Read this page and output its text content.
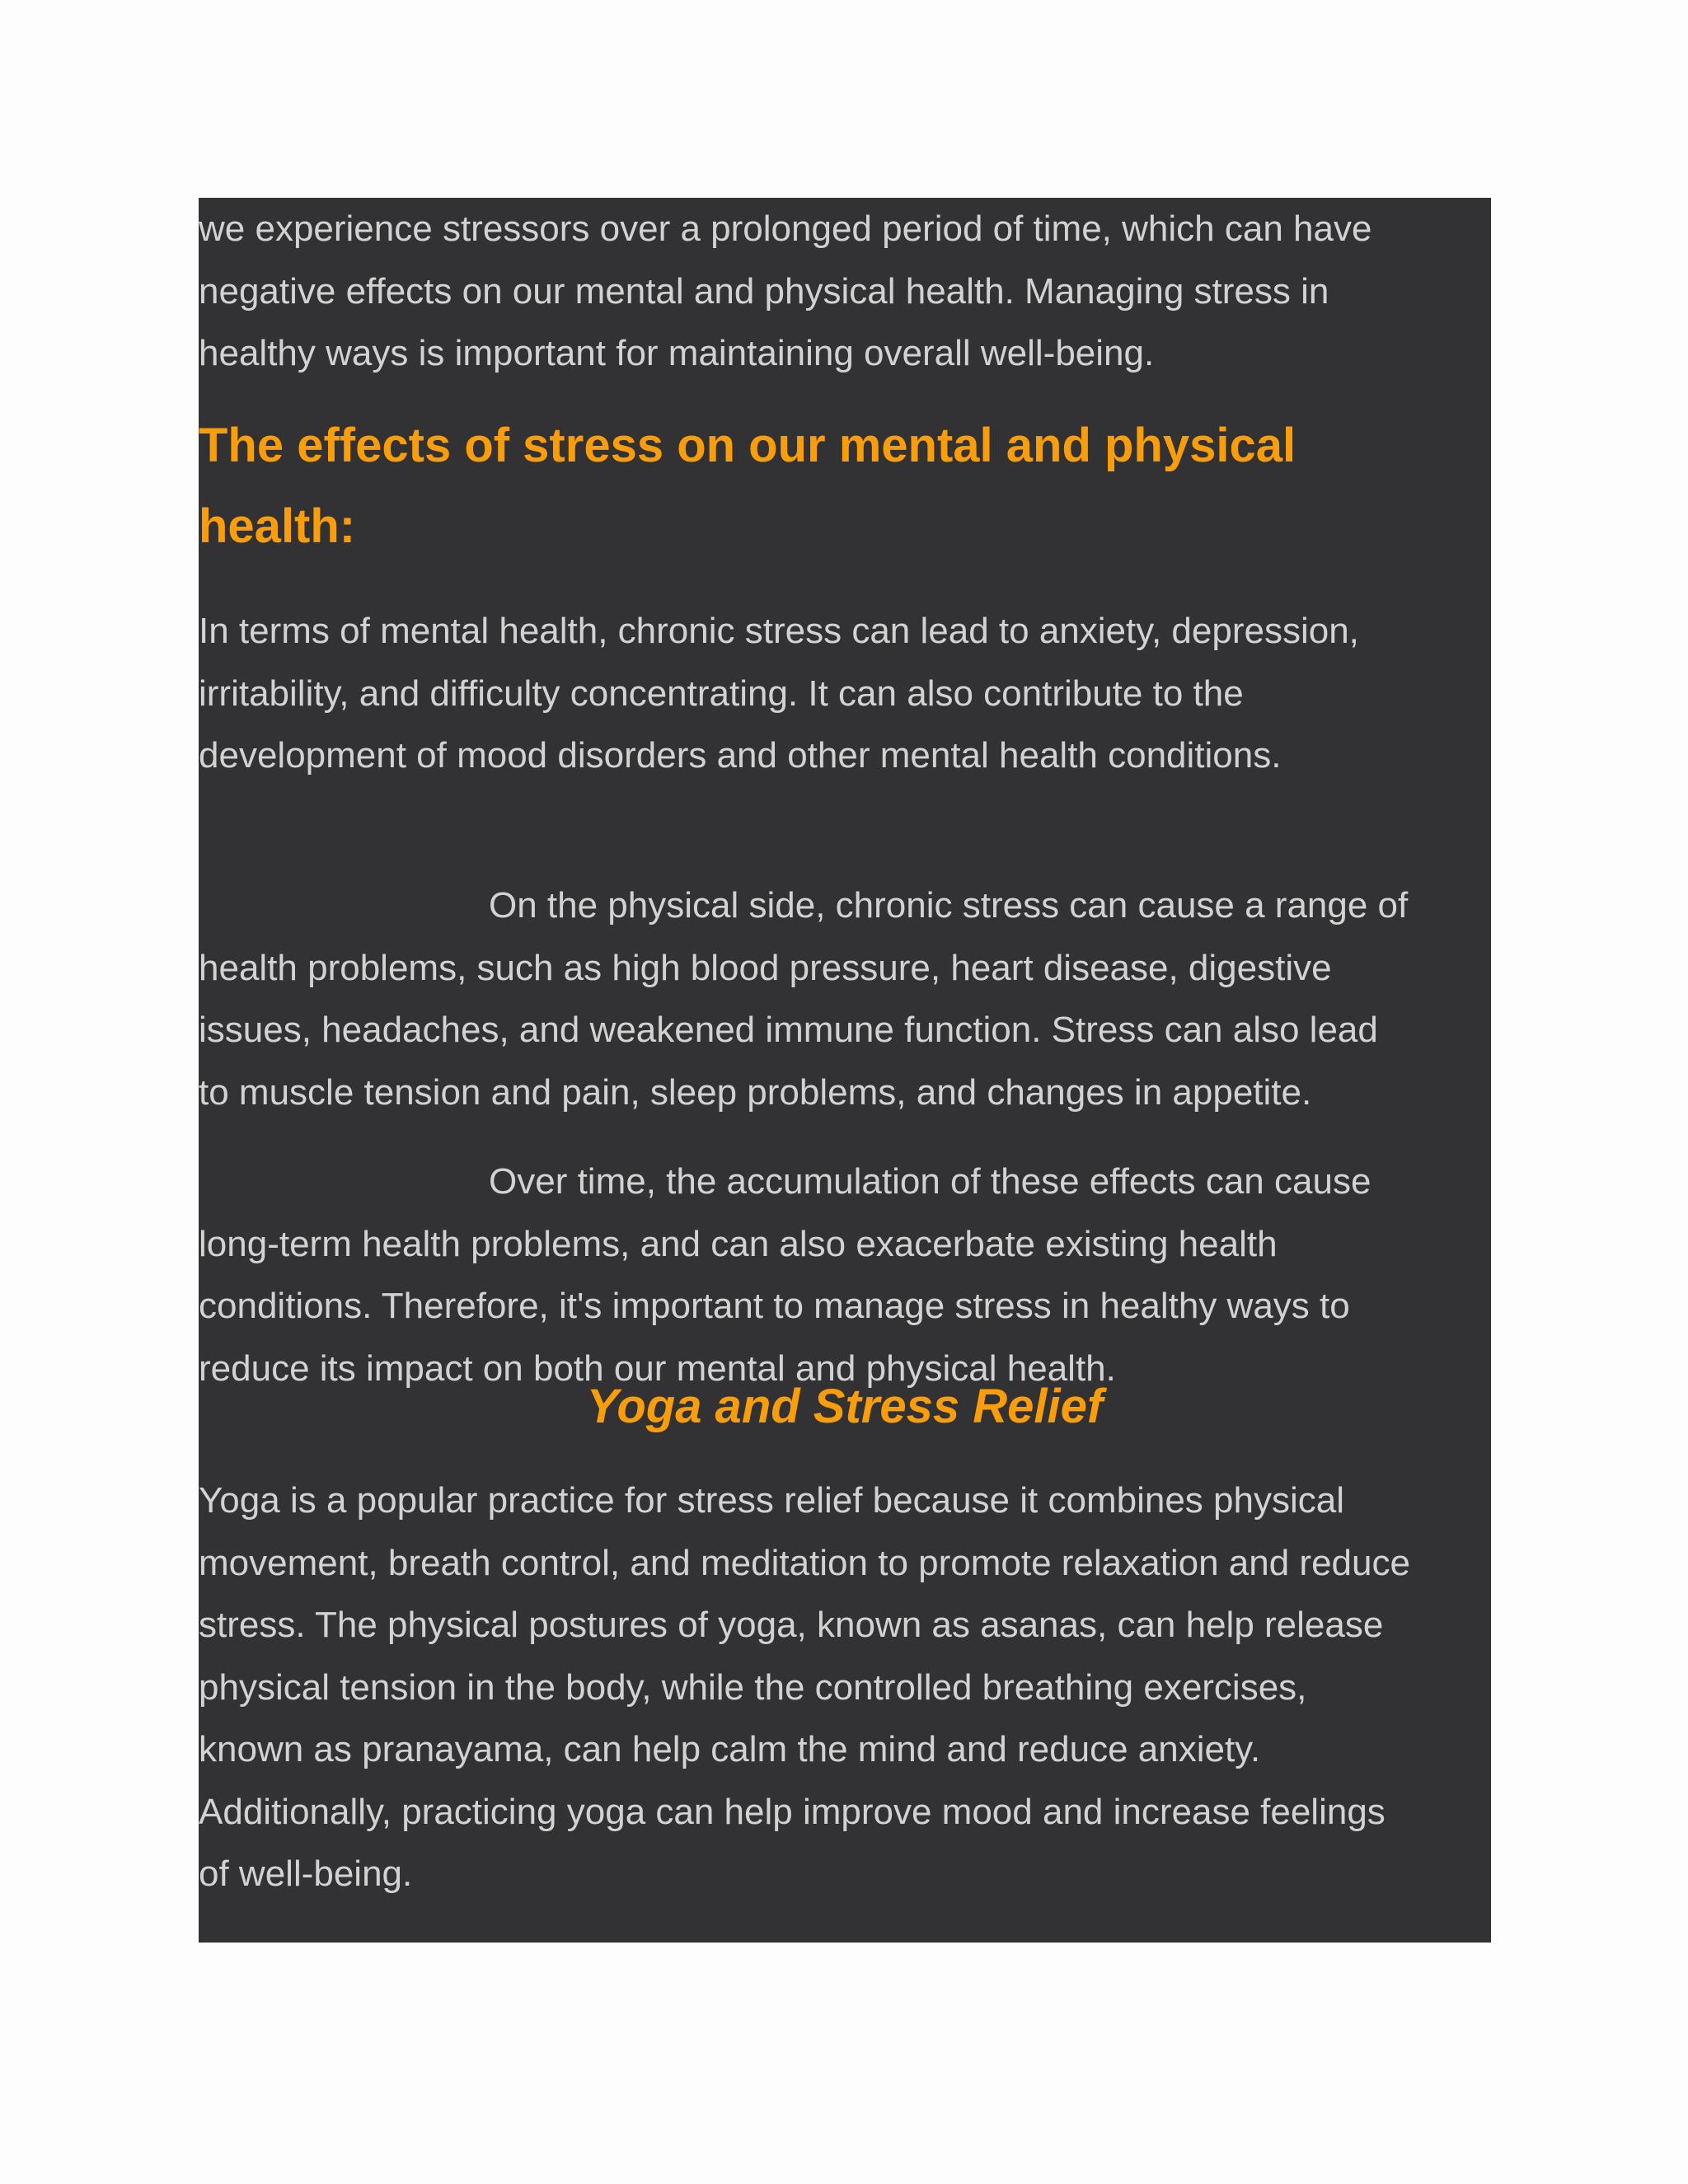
we experience stressors over a prolonged period of time, which can have
negative effects on our mental and physical health. Managing stress in
healthy ways is important for maintaining overall well-being.

The effects of stress on our mental and physical
health:

In terms of mental health, chronic stress can lead to anxiety, depression,
irritability, and difficulty concentrating. It can also contribute to the
development of mood disorders and other mental health conditions.

On the physical side, chronic stress can cause a range of
health problems, such as high blood pressure, heart disease, digestive
issues, headaches, and weakened immune function. Stress can also lead
to muscle tension and pain, sleep problems, and changes in appetite.

Over time, the accumulation of these effects can cause
long-term health problems, and can also exacerbate existing health
conditions. Therefore, it's important to manage stress in healthy ways to
reduce its impact on both our mental and physical health.

Yoga and Stress Relief

Yoga is a popular practice for stress relief because it combines physical
movement, breath control, and meditation to promote relaxation and reduce
stress. The physical postures of yoga, known as asanas, can help release
physical tension in the body, while the controlled breathing exercises,
known as pranayama, can help calm the mind and reduce anxiety.
Additionally, practicing yoga can help improve mood and increase feelings
of well-being.
